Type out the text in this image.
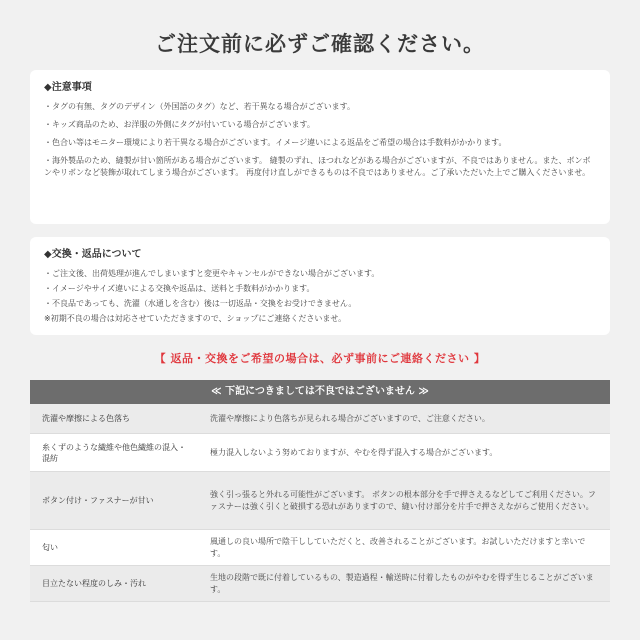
ご注文前に必ずご確認ください。
◆注意事項
・タグの有無、タグのデザイン（外国語のタグ）など、若干異なる場合がございます。
・キッズ商品のため、お洋服の外側にタグが付いている場合がございます。
・色合い等はモニター環境により若干異なる場合がございます。イメージ違いによる返品をご希望の場合は手数料がかかります。
・海外製品のため、縫製が甘い箇所がある場合がございます。 縫製のずれ、ほつれなどがある場合がございますが、不良ではありません。また、ボンボンやリボンなど装飾が取れてしまう場合がございます。 再度付け直しができるものは不良ではありません。ご了承いただいた上でご購入くださいませ。
◆交換・返品について
・ご注文後、出荷処理が進んでしまいますと変更やキャンセルができない場合がございます。
・イメージやサイズ違いによる交換や返品は、送料と手数料がかかります。
・不良品であっても、洗濯（水通しを含む）後は一切返品・交換をお受けできません。
※初期不良の場合は対応させていただきますので、ショップにご連絡くださいませ。
【 返品・交換をご希望の場合は、必ず事前にご連絡ください 】
≪ 下記につきましては不良ではございません ≫
洗濯や摩擦による色落ち	洗濯や摩擦により色落ちが見られる場合がございますので、ご注意ください。
糸くずのような繊維や他色繊維の混入・混紡
極力混入しないよう努めておりますが、やむを得ず混入する場合がございます。
ボタン付け・ファスナーが甘い
強く引っ張ると外れる可能性がございます。 ボタンの根本部分を手で押さえるなどしてご利用ください。ファスナーは強く引くと破損する恐れがありますので、縫い付け部分を片手で押さえながらご使用ください。
匂い
風通しの良い場所で陰干ししていただくと、改善されることがございます。お試しいただけますと幸いです。
目立たない程度のしみ・汚れ
生地の段階で既に付着しているもの、製造過程・輸送時に付着したものがやむを得ず生じることがございます。
